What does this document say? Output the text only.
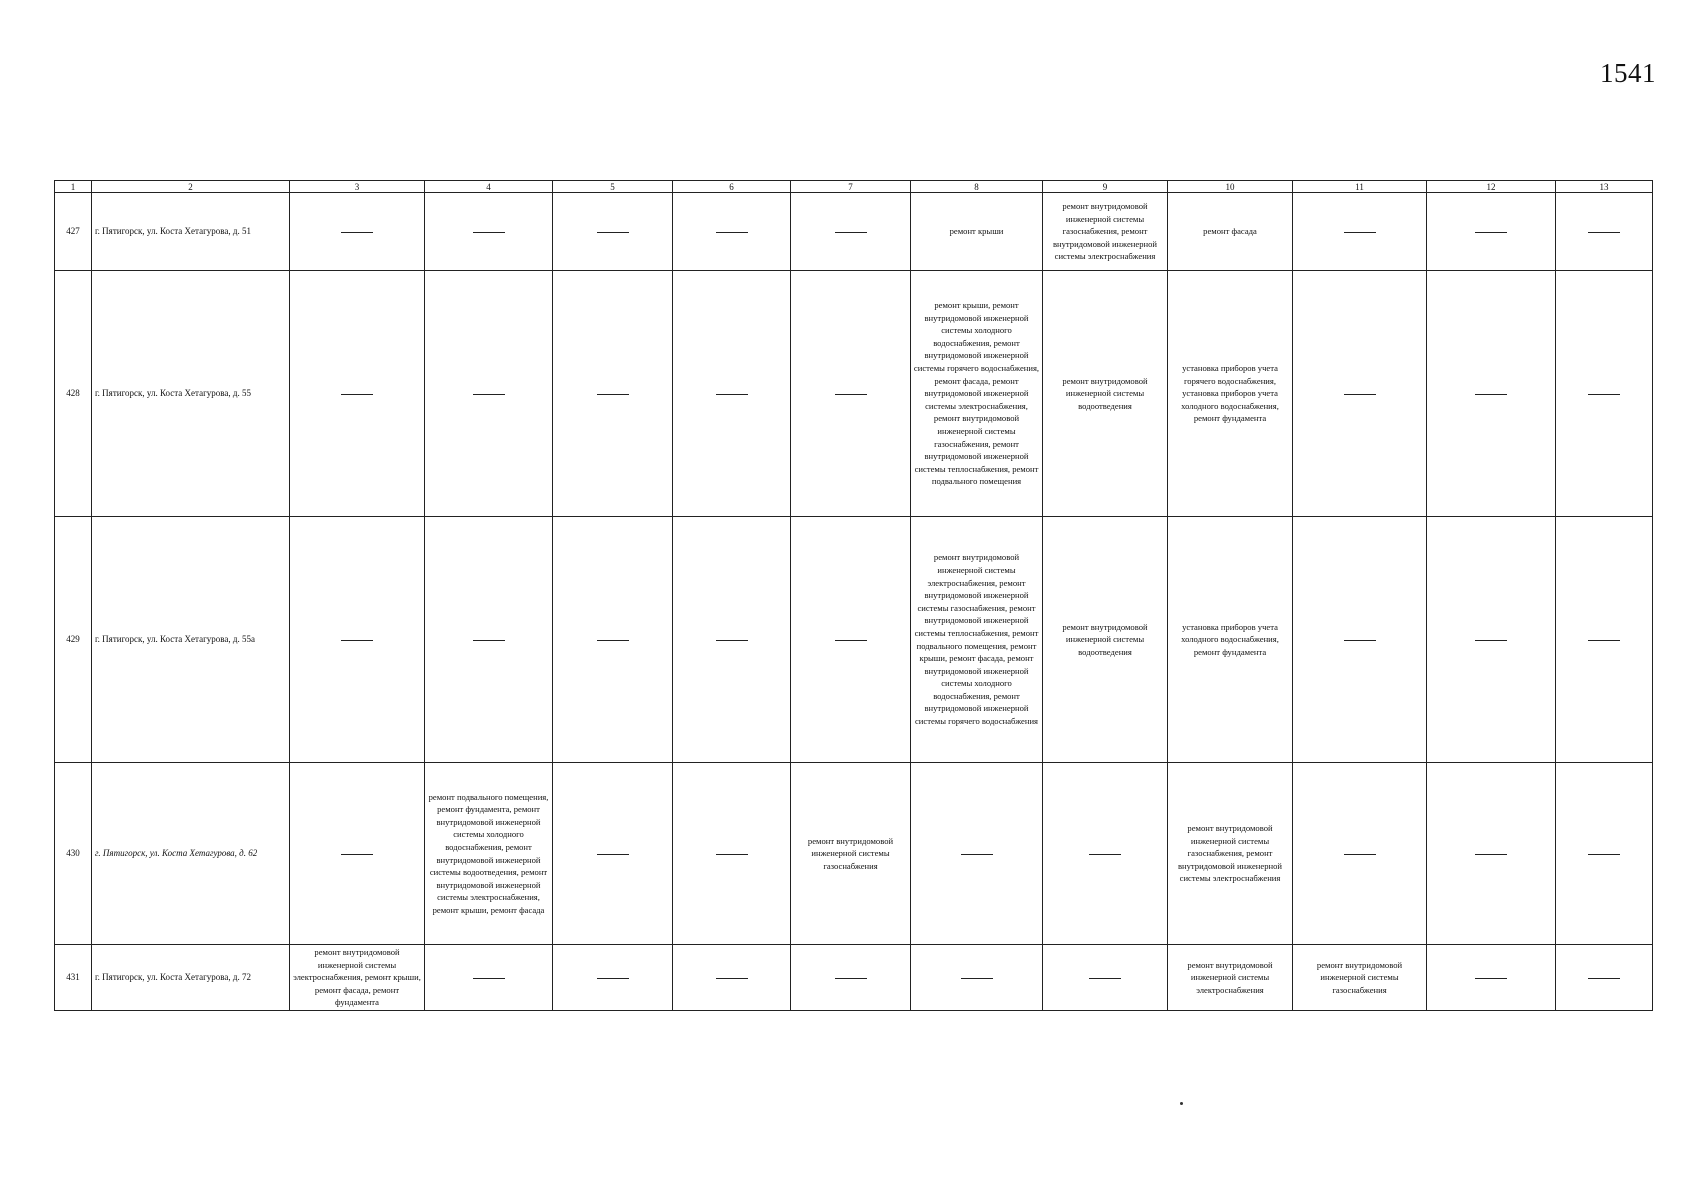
1541
1	2	3	4	5	6	7	8	9	10	11	12	13
427	г. Пятигорск, ул. Коста Хетагурова, д. 51						ремонт крыши	ремонт внутридомовой инженерной системы газоснабжения, ремонт внутридомовой инженерной системы электроснабжения	ремонт фасада			
428	г. Пятигорск, ул. Коста Хетагурова, д. 55						ремонт крыши, ремонт внутридомовой инженерной системы холодного водоснабжения, ремонт внутридомовой инженерной системы горячего водоснабжения, ремонт фасада, ремонт внутридомовой инженерной системы электроснабжения, ремонт внутридомовой инженерной системы газоснабжения, ремонт внутридомовой инженерной системы теплоснабжения, ремонт подвального помещения	ремонт внутридомовой инженерной системы водоотведения	установка приборов учета горячего водоснабжения, установка приборов учета холодного водоснабжения, ремонт фундамента			
429	г. Пятигорск, ул. Коста Хетагурова, д. 55а						ремонт внутридомовой инженерной системы электроснабжения, ремонт внутридомовой инженерной системы газоснабжения, ремонт внутридомовой инженерной системы теплоснабжения, ремонт подвального помещения, ремонт крыши, ремонт фасада, ремонт внутридомовой инженерной системы холодного водоснабжения, ремонт внутридомовой инженерной системы горячего водоснабжения	ремонт внутридомовой инженерной системы водоотведения	установка приборов учета холодного водоснабжения, ремонт фундамента			
430	г. Пятигорск, ул. Коста Хетагурова, д. 62		ремонт подвального помещения, ремонт фундамента, ремонт внутридомовой инженерной системы холодного водоснабжения, ремонт внутридомовой инженерной системы водоотведения, ремонт внутридомовой инженерной системы электроснабжения, ремонт крыши, ремонт фасада			ремонт внутридомовой инженерной системы газоснабжения			ремонт внутридомовой инженерной системы газоснабжения, ремонт внутридомовой инженерной системы электроснабжения			
431	г. Пятигорск, ул. Коста Хетагурова, д. 72	ремонт внутридомовой инженерной системы электроснабжения, ремонт крыши, ремонт фасада, ремонт фундамента							ремонт внутридомовой инженерной системы электроснабжения	ремонт внутридомовой инженерной системы газоснабжения		
